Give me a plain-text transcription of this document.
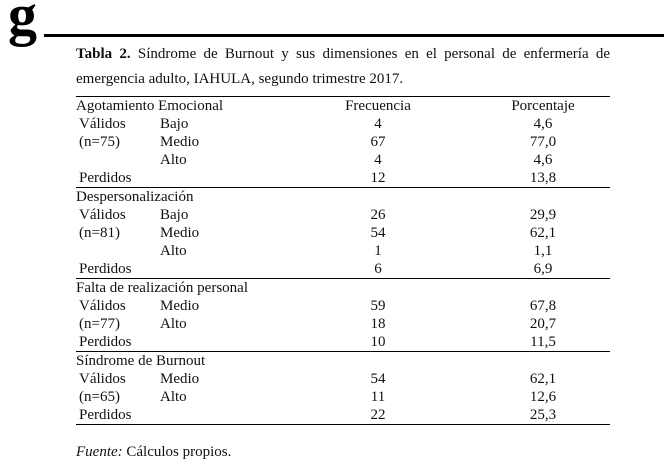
g
Tabla 2. Síndrome de Burnout y sus dimensiones en el personal de enfermería de emergencia adulto, IAHULA, segundo trimestre 2017.
Agotamiento Emocional		Frecuencia	Porcentaje
Válidos	Bajo	4	4,6
(n=75)	Medio	67	77,0
	Alto	4	4,6
Perdidos		12	13,8
Despersonalización			
Válidos	Bajo	26	29,9
(n=81)	Medio	54	62,1
	Alto	1	1,1
Perdidos		6	6,9
Falta de realización personal			
Válidos	Medio	59	67,8
(n=77)	Alto	18	20,7
Perdidos		10	11,5
Síndrome de Burnout			
Válidos	Medio	54	62,1
(n=65)	Alto	11	12,6
Perdidos		22	25,3
Fuente: Cálculos propios.
